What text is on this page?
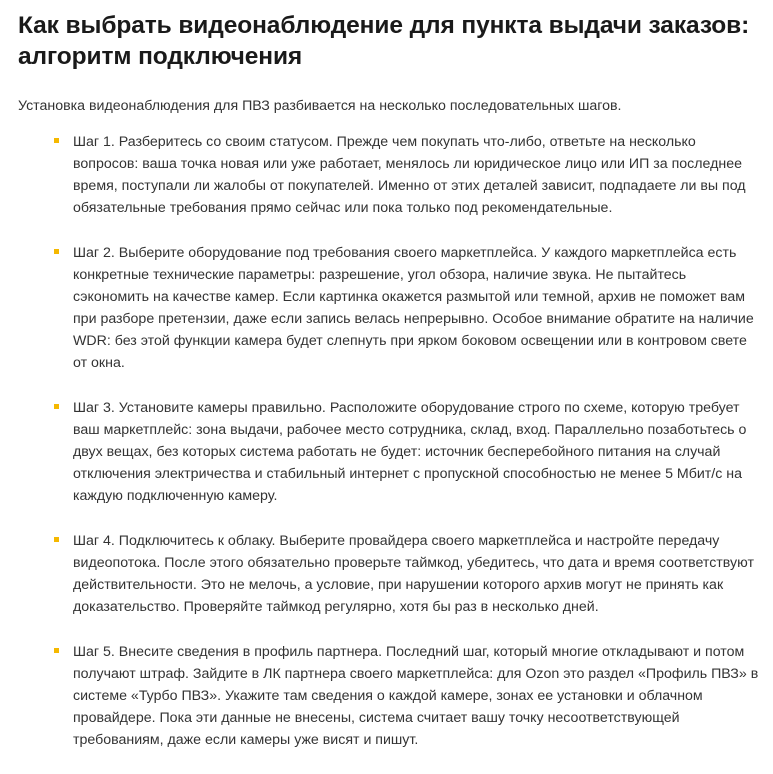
Как выбрать видеонаблюдение для пункта выдачи заказов: алгоритм подключения

Установка видеонаблюдения для ПВЗ разбивается на несколько последовательных шагов.

Шаг 1. Разберитесь со своим статусом. Прежде чем покупать что-либо, ответьте на несколько вопросов: ваша точка новая или уже работает, менялось ли юридическое лицо или ИП за последнее время, поступали ли жалобы от покупателей. Именно от этих деталей зависит, подпадаете ли вы под обязательные требования прямо сейчас или пока только под рекомендательные.
Шаг 2. Выберите оборудование под требования своего маркетплейса. У каждого маркетплейса есть конкретные технические параметры: разрешение, угол обзора, наличие звука. Не пытайтесь сэкономить на качестве камер. Если картинка окажется размытой или темной, архив не поможет вам при разборе претензии, даже если запись велась непрерывно. Особое внимание обратите на наличие WDR: без этой функции камера будет слепнуть при ярком боковом освещении или в контровом свете от окна.
Шаг 3. Установите камеры правильно. Расположите оборудование строго по схеме, которую требует ваш маркетплейс: зона выдачи, рабочее место сотрудника, склад, вход. Параллельно позаботьтесь о двух вещах, без которых система работать не будет: источник бесперебойного питания на случай отключения электричества и стабильный интернет с пропускной способностью не менее 5 Мбит/с на каждую подключенную камеру.
Шаг 4. Подключитесь к облаку. Выберите провайдера своего маркетплейса и настройте передачу видеопотока. После этого обязательно проверьте таймкод, убедитесь, что дата и время соответствуют действительности. Это не мелочь, а условие, при нарушении которого архив могут не принять как доказательство. Проверяйте таймкод регулярно, хотя бы раз в несколько дней.
Шаг 5. Внесите сведения в профиль партнера. Последний шаг, который многие откладывают и потом получают штраф. Зайдите в ЛК партнера своего маркетплейса: для Ozon это раздел «Профиль ПВЗ» в системе «Турбо ПВЗ». Укажите там сведения о каждой камере, зонах ее установки и облачном провайдере. Пока эти данные не внесены, система считает вашу точку несоответствующей требованиям, даже если камеры уже висят и пишут.
